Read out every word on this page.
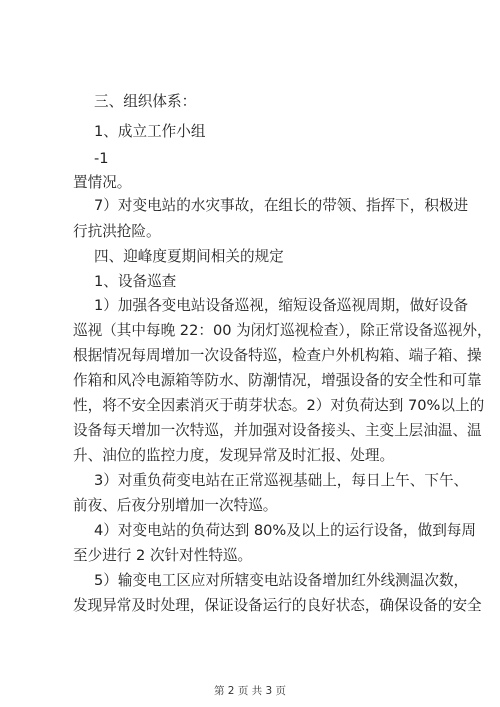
三、组织体系：
1、成立工作小组
-1
置情况。
7）对变电站的水灾事故，在组长的带领、指挥下，积极进
行抗洪抢险。
四、迎峰度夏期间相关的规定
1、设备巡查
1）加强各变电站设备巡视，缩短设备巡视周期，做好设备
巡视（其中每晚 22：00 为闭灯巡视检查），除正常设备巡视外，
根据情况每周增加一次设备特巡，检查户外机构箱、端子箱、操
作箱和风冷电源箱等防水、防潮情况，增强设备的安全性和可靠
性，将不安全因素消灭于萌芽状态。2）对负荷达到 70%以上的
设备每天增加一次特巡，并加强对设备接头、主变上层油温、温
升、油位的监控力度，发现异常及时汇报、处理。
3）对重负荷变电站在正常巡视基础上，每日上午、下午、
前夜、后夜分别增加一次特巡。
4）对变电站的负荷达到 80%及以上的运行设备，做到每周
至少进行 2 次针对性特巡。
5）输变电工区应对所辖变电站设备增加红外线测温次数，
发现异常及时处理，保证设备运行的良好状态，确保设备的安全
第 2 页 共 3 页
